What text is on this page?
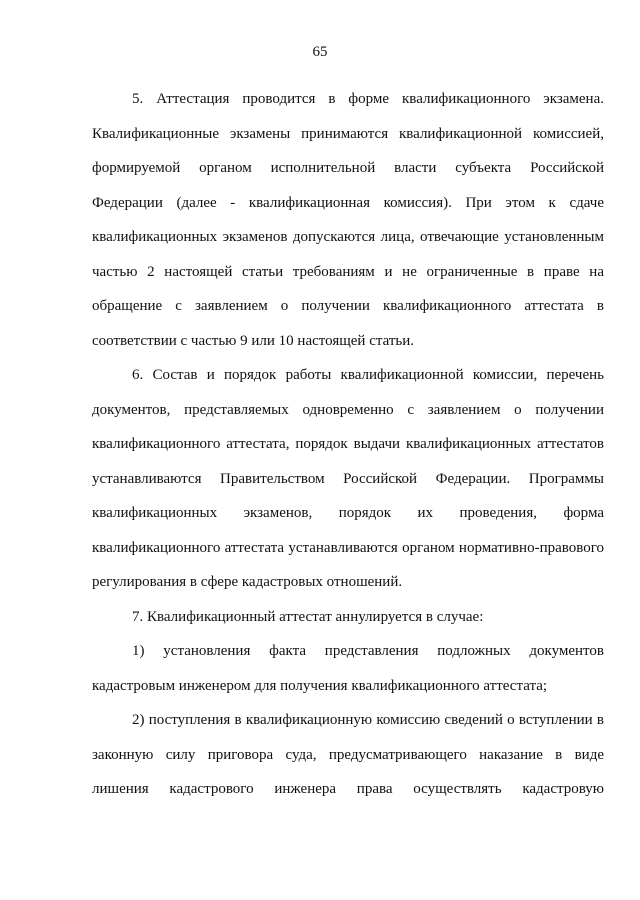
65
5. Аттестация проводится в форме квалификационного экзамена.
Квалификационные экзамены принимаются квалификационной комиссией,
формируемой органом исполнительной власти субъекта Российской
Федерации (далее - квалификационная комиссия). При этом к сдаче
квалификационных экзаменов допускаются лица, отвечающие установленным
частью 2 настоящей статьи требованиям и не ограниченные в праве на
обращение с заявлением о получении квалификационного аттестата в
соответствии с частью 9 или 10 настоящей статьи.
6. Состав и порядок работы квалификационной комиссии, перечень
документов, представляемых одновременно с заявлением о получении
квалификационного аттестата, порядок выдачи квалификационных аттестатов
устанавливаются Правительством Российской Федерации. Программы
квалификационных экзаменов, порядок их проведения, форма
квалификационного аттестата устанавливаются органом нормативно-правового
регулирования в сфере кадастровых отношений.
7. Квалификационный аттестат аннулируется в случае:
1) установления факта представления подложных документов
кадастровым инженером для получения квалификационного аттестата;
2) поступления в квалификационную комиссию сведений о вступлении в
законную силу приговора суда, предусматривающего наказание в виде
лишения кадастрового инженера права осуществлять кадастровую
